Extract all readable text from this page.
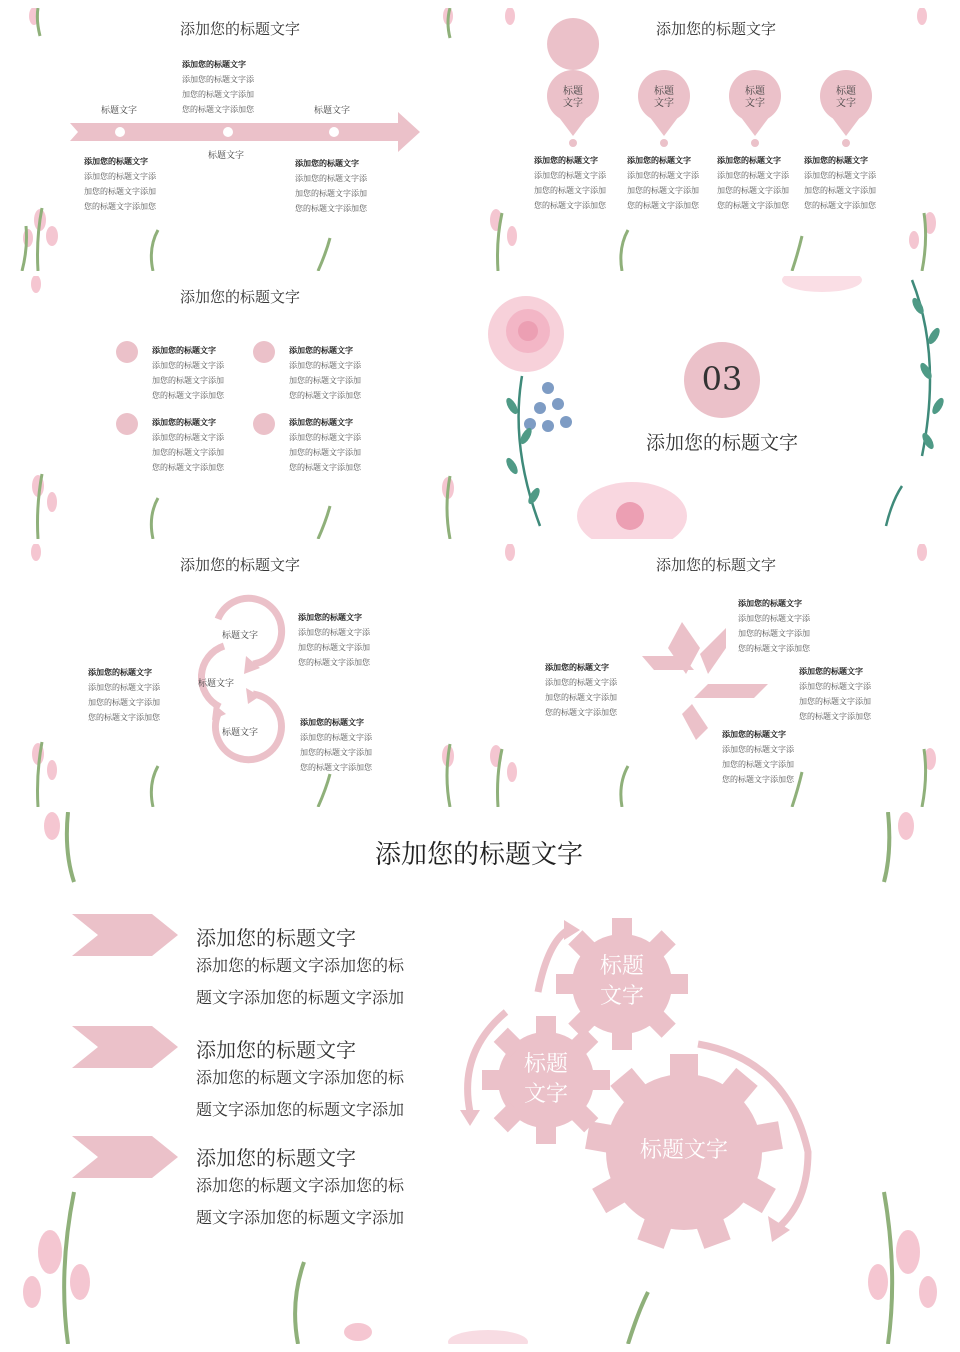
添加您的标题文字
标题文字
标题文字
标题文字
添加您的标题文字
添加您的标题文字添
加您的标题文字添加
您的标题文字添加您
添加您的标题文字
添加您的标题文字添
加您的标题文字添加
您的标题文字添加您
添加您的标题文字
添加您的标题文字添
加您的标题文字添加
您的标题文字添加您
添加您的标题文字
标题
文字
标题
文字
标题
文字
标题
文字
添加您的标题文字
添加您的标题文字添
加您的标题文字添加
您的标题文字添加您
添加您的标题文字
添加您的标题文字添
加您的标题文字添加
您的标题文字添加您
添加您的标题文字
添加您的标题文字添
加您的标题文字添加
您的标题文字添加您
添加您的标题文字
添加您的标题文字添
加您的标题文字添加
您的标题文字添加您
添加您的标题文字
添加您的标题文字
添加您的标题文字添
加您的标题文字添加
您的标题文字添加您
添加您的标题文字
添加您的标题文字添
加您的标题文字添加
您的标题文字添加您
添加您的标题文字
添加您的标题文字添
加您的标题文字添加
您的标题文字添加您
添加您的标题文字
添加您的标题文字添
加您的标题文字添加
您的标题文字添加您
03
添加您的标题文字
添加您的标题文字
标题文字
标题文字
标题文字
添加您的标题文字
添加您的标题文字添
加您的标题文字添加
您的标题文字添加您
添加您的标题文字
添加您的标题文字添
加您的标题文字添加
您的标题文字添加您
添加您的标题文字
添加您的标题文字添
加您的标题文字添加
您的标题文字添加您
添加您的标题文字
添加您的标题文字
添加您的标题文字添
加您的标题文字添加
您的标题文字添加您
添加您的标题文字
添加您的标题文字添
加您的标题文字添加
您的标题文字添加您
添加您的标题文字
添加您的标题文字添
加您的标题文字添加
您的标题文字添加您
添加您的标题文字
添加您的标题文字添
加您的标题文字添加
您的标题文字添加您
添加您的标题文字
添加您的标题文字
添加您的标题文字添加您的标
题文字添加您的标题文字添加
添加您的标题文字
添加您的标题文字添加您的标
题文字添加您的标题文字添加
添加您的标题文字
添加您的标题文字添加您的标
题文字添加您的标题文字添加
标题
文字
标题
文字
标题文字
